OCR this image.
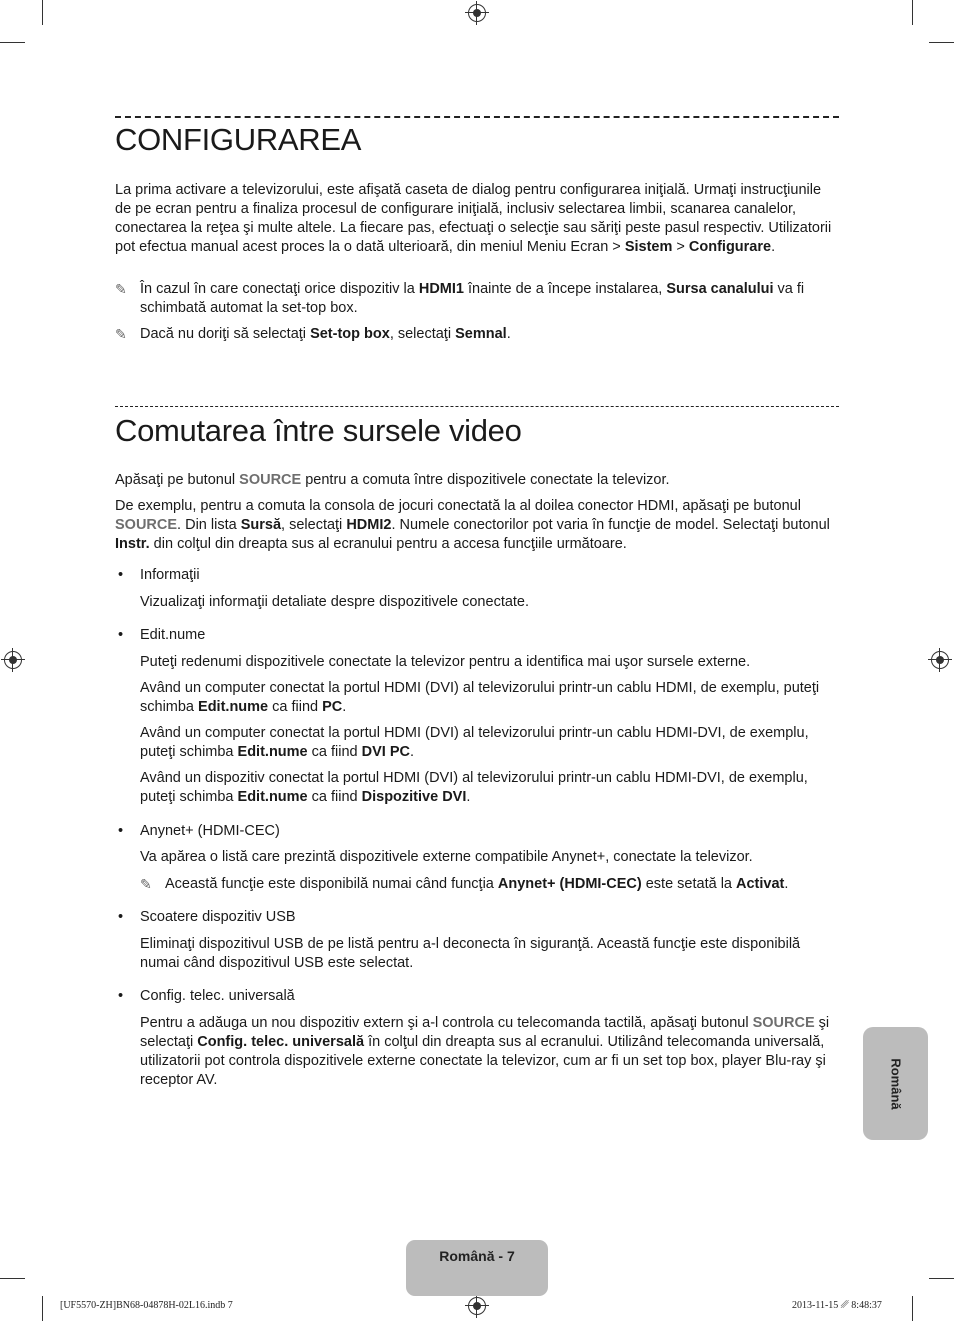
CONFIGURAREA

La prima activare a televizorului, este afişată caseta de dialog pentru configurarea iniţială. Urmaţi instrucţiunile de pe ecran pentru a finaliza procesul de configurare iniţială, inclusiv selectarea limbii, scanarea canalelor, conectarea la reţea şi multe altele. La fiecare pas, efectuaţi o selecţie sau săriţi peste pasul respectiv. Utilizatorii pot efectua manual acest proces la o dată ulterioară, din meniul Meniu Ecran > Sistem > Configurare.

✎ În cazul în care conectaţi orice dispozitiv la HDMI1 înainte de a începe instalarea, Sursa canalului va fi schimbată automat la set-top box.
✎ Dacă nu doriţi să selectaţi Set-top box, selectaţi Semnal.
Comutarea între sursele video

Apăsaţi pe butonul SOURCE pentru a comuta între dispozitivele conectate la televizor.

De exemplu, pentru a comuta la consola de jocuri conectată la al doilea conector HDMI, apăsaţi pe butonul SOURCE. Din lista Sursă, selectaţi HDMI2. Numele conectorilor pot varia în funcţie de model. Selectaţi butonul Instr. din colţul din dreapta sus al ecranului pentru a accesa funcţiile următoare.

• Informaţii

Vizualizaţi informaţii detaliate despre dispozitivele conectate.

• Edit.nume

Puteţi redenumi dispozitivele conectate la televizor pentru a identifica mai uşor sursele externe.

Având un computer conectat la portul HDMI (DVI) al televizorului printr-un cablu HDMI, de exemplu, puteţi schimba Edit.nume ca fiind PC.

Având un computer conectat la portul HDMI (DVI) al televizorului printr-un cablu HDMI-DVI, de exemplu, puteţi schimba Edit.nume ca fiind DVI PC.

Având un dispozitiv conectat la portul HDMI (DVI) al televizorului printr-un cablu HDMI-DVI, de exemplu, puteţi schimba Edit.nume ca fiind Dispozitive DVI.

• Anynet+ (HDMI-CEC)

Va apărea o listă care prezintă dispozitivele externe compatibile Anynet+, conectate la televizor.

✎ Această funcţie este disponibilă numai când funcţia Anynet+ (HDMI-CEC) este setată la Activat.
• Scoatere dispozitiv USB

Eliminaţi dispozitivul USB de pe listă pentru a-l deconecta în siguranţă. Această funcţie este disponibilă numai când dispozitivul USB este selectat.

• Config. telec. universală

Pentru a adăuga un nou dispozitiv extern şi a-l controla cu telecomanda tactilă, apăsaţi butonul SOURCE şi selectaţi Config. telec. universală în colţul din dreapta sus al ecranului. Utilizând telecomanda universală, utilizatorii pot controla dispozitivele externe conectate la televizor, cum ar fi un set top box, player Blu-ray şi receptor AV.	Română
Română - 7
[UF5570-ZH]BN68-04878H-02L16.indb 7	2013-11-15 ␥ 8:48:37
